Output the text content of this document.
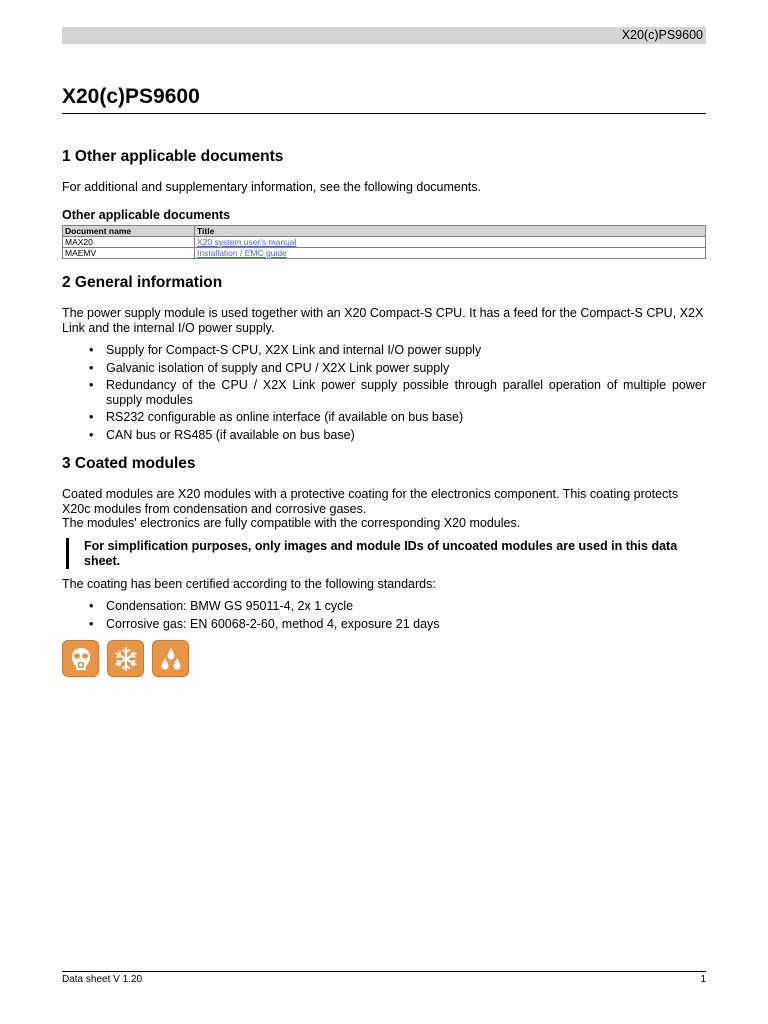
X20(c)PS9600
X20(c)PS9600
1 Other applicable documents

For additional and supplementary information, see the following documents.

Other applicable documents

Document name	Title
MAX20	X20 system user's manual
MAEMV	Installation / EMC guide
2 General information

The power supply module is used together with an X20 Compact-S CPU. It has a feed for the Compact-S CPU, X2X Link and the internal I/O power supply.

• Supply for Compact-S CPU, X2X Link and internal I/O power supply
• Galvanic isolation of supply and CPU / X2X Link power supply
• Redundancy of the CPU / X2X Link power supply possible through parallel operation of multiple power supply modules
• RS232 configurable as online interface (if available on bus base)
• CAN bus or RS485 (if available on bus base)
3 Coated modules

Coated modules are X20 modules with a protective coating for the electronics component. This coating protects X20c modules from condensation and corrosive gases.

The modules' electronics are fully compatible with the corresponding X20 modules.

For simplification purposes, only images and module IDs of uncoated modules are used in this data sheet.

The coating has been certified according to the following standards:

• Condensation: BMW GS 95011-4, 2x 1 cycle
• Corrosive gas: EN 60068-2-60, method 4, exposure 21 days
Data sheet V 1.20	1
